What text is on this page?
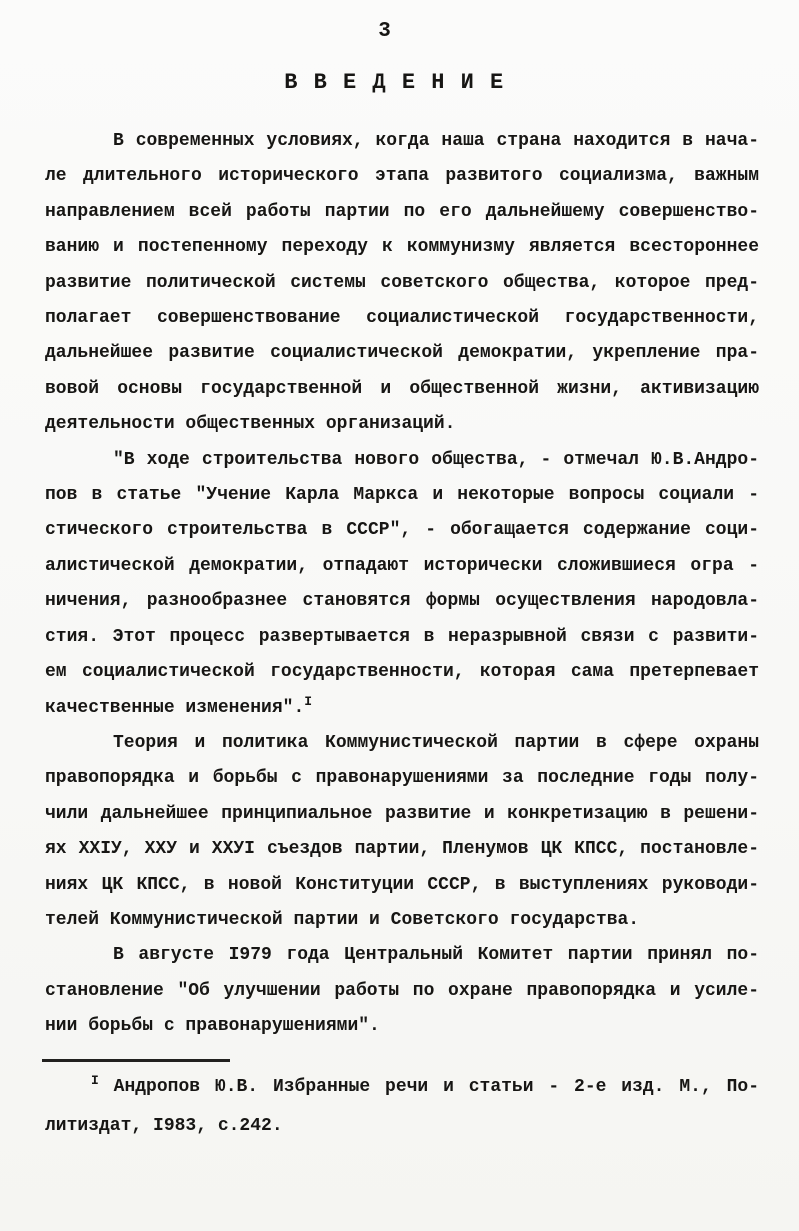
3
В В Е Д Е Н И Е
В современных условиях, когда наша страна находится в нача-
ле длительного исторического этапа развитого социализма, важным
направлением всей работы партии по его дальнейшему совершенство-
ванию и постепенному переходу к коммунизму является всестороннее
развитие политической системы советского общества, которое пред-
полагает совершенствование социалистической государственности,
дальнейшее развитие социалистической демократии, укрепление пра-
вовой основы государственной и общественной жизни, активизацию
деятельности общественных организаций.
"В ходе строительства нового общества, - отмечал Ю.В.Андро-
пов в статье "Учение Карла Маркса и некоторые вопросы социали -
стического строительства в СССР", - обогащается содержание соци-
алистической демократии, отпадают исторически сложившиеся огра -
ничения, разнообразнее становятся формы осуществления народовла-
стия. Этот процесс развертывается в неразрывной связи с развити-
ем социалистической государственности, которая сама претерпевает
качественные изменения".$^I$
Теория и политика Коммунистической партии в сфере охраны
правопорядка и борьбы с правонарушениями за последние годы полу-
чили дальнейшее принципиальное развитие и конкретизацию в решени-
ях ХХIУ, ХХУ и ХХУI съездов партии, Пленумов ЦК КПСС, постановле-
ниях ЦК КПСС, в новой Конституции СССР, в выступлениях руководи-
телей Коммунистической партии и Советского государства.
В августе I979 года Центральный Комитет партии принял по-
становление "Об улучшении работы по охране правопорядка и усиле-
нии борьбы с правонарушениями".
$^I$ Андропов Ю.В. Избранные речи и статьи - 2-е изд. М., По-
литиздат, I983, с.242.
